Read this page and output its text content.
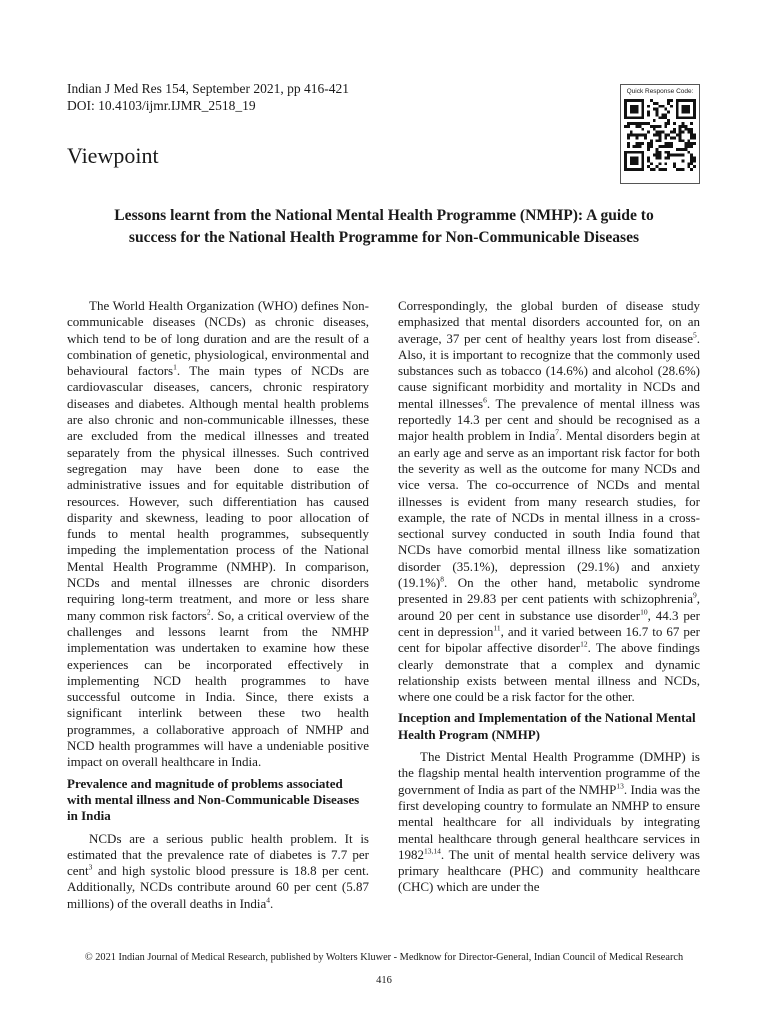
Indian J Med Res 154, September 2021, pp 416-421
DOI: 10.4103/ijmr.IJMR_2518_19
Viewpoint
Quick Response Code:
Lessons learnt from the National Mental Health Programme (NMHP): A guide to
success for the National Health Programme for Non-Communicable Diseases

The World Health Organization (WHO) defines Non-communicable diseases (NCDs) as chronic diseases, which tend to be of long duration and are the result of a combination of genetic, physiological, environmental and behavioural factors$^1$. The main types of NCDs are cardiovascular diseases, cancers, chronic respiratory diseases and diabetes. Although mental health problems are also chronic and non-communicable illnesses, these are excluded from the medical illnesses and treated separately from the physical illnesses. Such contrived segregation may have been done to ease the administrative issues and for equitable distribution of resources. However, such differentiation has caused disparity and skewness, leading to poor allocation of funds to mental health programmes, subsequently impeding the implementation process of the National Mental Health Programme (NMHP). In comparison, NCDs and mental illnesses are chronic disorders requiring long-term treatment, and more or less share many common risk factors$^2$. So, a critical overview of the challenges and lessons learnt from the NMHP implementation was undertaken to examine how these experiences can be incorporated effectively in implementing NCD health programmes to have successful outcome in India. Since, there exists a significant interlink between these two health programmes, a collaborative approach of NMHP and NCD health programmes will have a undeniable positive impact on overall healthcare in India.

Prevalence and magnitude of problems associated with mental illness and Non-Communicable Diseases in India

NCDs are a serious public health problem. It is estimated that the prevalence rate of diabetes is 7.7 per cent$^3$ and high systolic blood pressure is 18.8 per cent. Additionally, NCDs contribute around 60 per cent (5.87 millions) of the overall deaths in India$^4$.

Correspondingly, the global burden of disease study emphasized that mental disorders accounted for, on an average, 37 per cent of healthy years lost from disease$^5$. Also, it is important to recognize that the commonly used substances such as tobacco (14.6%) and alcohol (28.6%) cause significant morbidity and mortality in NCDs and mental illnesses$^6$. The prevalence of mental illness was reportedly 14.3 per cent and should be recognised as a major health problem in India$^7$. Mental disorders begin at an early age and serve as an important risk factor for both the severity as well as the outcome for many NCDs and vice versa. The co-occurrence of NCDs and mental illnesses is evident from many research studies, for example, the rate of NCDs in mental illness in a cross-sectional survey conducted in south India found that NCDs have comorbid mental illness like somatization disorder (35.1%), depression (29.1%) and anxiety $(19.1\%)^8$. On the other hand, metabolic syndrome presented in 29.83 per cent patients with schizophrenia$^9$, around 20 per cent in substance use disorder$^{10}$, 44.3 per cent in depression$^{11}$, and it varied between 16.7 to 67 per cent for bipolar affective disorder$^{12}$. The above findings clearly demonstrate that a complex and dynamic relationship exists between mental illness and NCDs, where one could be a risk factor for the other.

Inception and Implementation of the National Mental Health Program (NMHP)

The District Mental Health Programme (DMHP) is the flagship mental health intervention programme of the government of India as part of the NMHP$^{13}$. India was the first developing country to formulate an NMHP to ensure mental healthcare for all individuals by integrating mental healthcare through general healthcare services in 1982$^{13,14}$. The unit of mental health service delivery was primary healthcare (PHC) and community healthcare (CHC) which are under the

© 2021 Indian Journal of Medical Research, published by Wolters Kluwer - Medknow for Director-General, Indian Council of Medical Research
416
